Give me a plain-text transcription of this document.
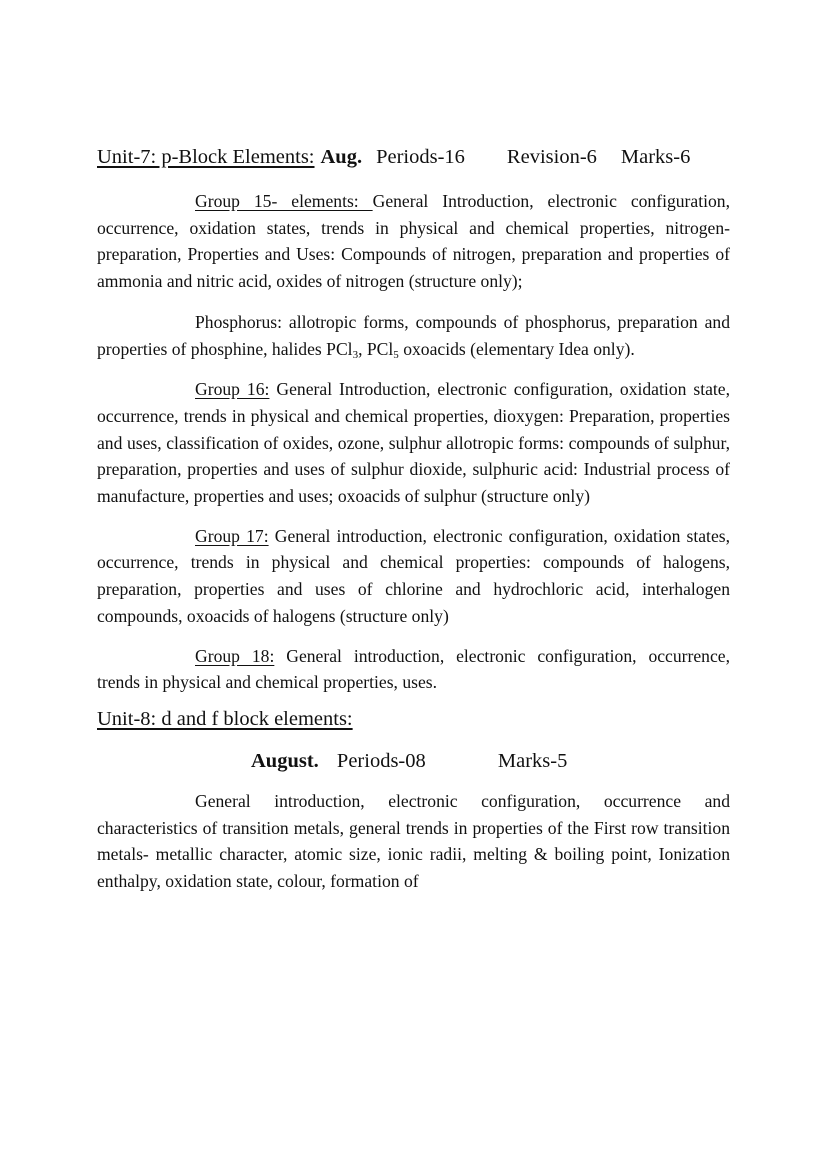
Unit-7: p-Block Elements: Aug. Periods-16 Revision-6 Marks-6

Group 15- elements: General Introduction, electronic configuration, occurrence, oxidation states, trends in physical and chemical properties, nitrogen-preparation, Properties and Uses: Compounds of nitrogen, preparation and properties of ammonia and nitric acid, oxides of nitrogen (structure only);

Phosphorus: allotropic forms, compounds of phosphorus, preparation and properties of phosphine, halides PCl$_3$, PCl$_5$ oxoacids (elementary Idea only).

Group 16: General Introduction, electronic configuration, oxidation state, occurrence, trends in physical and chemical properties, dioxygen: Preparation, properties and uses, classification of oxides, ozone, sulphur allotropic forms: compounds of sulphur, preparation, properties and uses of sulphur dioxide, sulphuric acid: Industrial process of manufacture, properties and uses; oxoacids of sulphur (structure only)

Group 17: General introduction, electronic configuration, oxidation states, occurrence, trends in physical and chemical properties: compounds of halogens, preparation, properties and uses of chlorine and hydrochloric acid, interhalogen compounds, oxoacids of halogens (structure only)

Group 18: General introduction, electronic configuration, occurrence, trends in physical and chemical properties, uses.

Unit-8: d and f block elements:
August. Periods-08	Marks-5

General introduction, electronic configuration, occurrence and characteristics of transition metals, general trends in properties of the First row transition metals- metallic character, atomic size, ionic radii, melting & boiling point, Ionization enthalpy, oxidation state, colour, formation of
